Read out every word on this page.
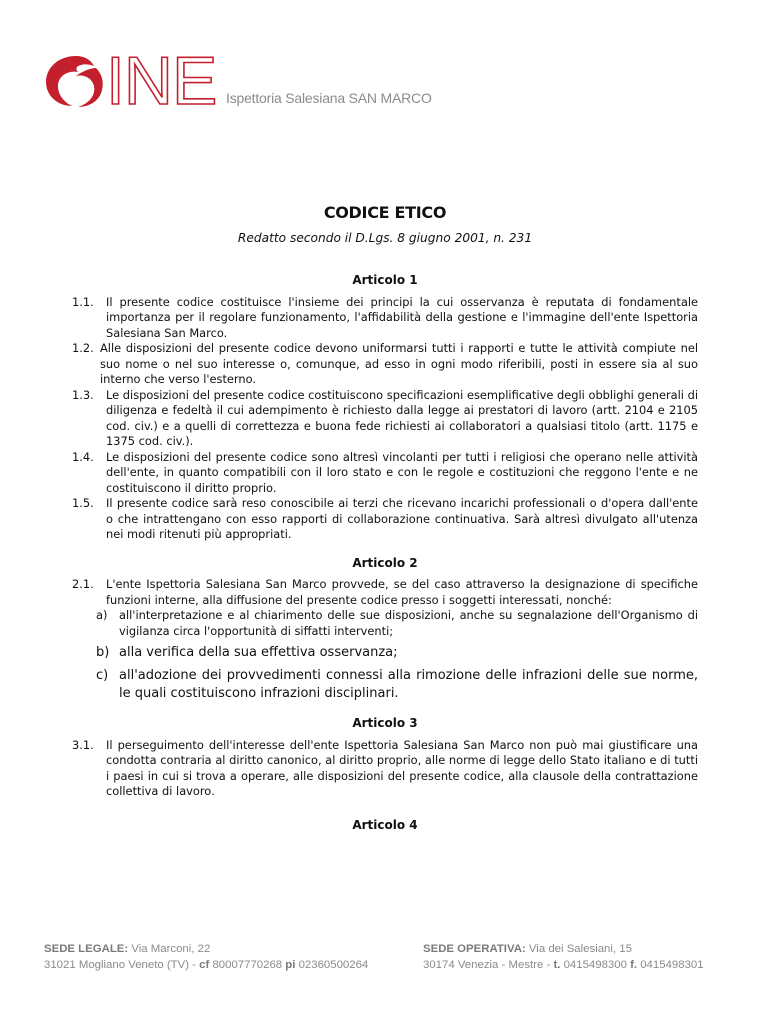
INE Ispettoria Salesiana SAN MARCO
CODICE ETICO
Redatto secondo il D.Lgs. 8 giugno 2001, n. 231
Articolo 1
1.1.	Il presente codice costituisce l'insieme dei principi la cui osservanza è reputata di fondamentale importanza per il regolare funzionamento, l'affidabilità della gestione e l'immagine dell'ente Ispettoria Salesiana San Marco.
1.2. Alle disposizioni del presente codice devono uniformarsi tutti i rapporti e tutte le attività compiute nel suo nome o nel suo interesse o, comunque, ad esso in ogni modo riferibili, posti in essere sia al suo interno che verso l'esterno.
1.3.	Le disposizioni del presente codice costituiscono specificazioni esemplificative degli obblighi generali di diligenza e fedeltà il cui adempimento è richiesto dalla legge ai prestatori di lavoro (artt. 2104 e 2105 cod. civ.) e a quelli di correttezza e buona fede richiesti ai collaboratori a qualsiasi titolo (artt. 1175 e 1375 cod. civ.).
1.4.	Le disposizioni del presente codice sono altresì vincolanti per tutti i religiosi che operano nelle attività dell'ente, in quanto compatibili con il loro stato e con le regole e costituzioni che reggono l'ente e ne costituiscono il diritto proprio.
1.5.	Il presente codice sarà reso conoscibile ai terzi che ricevano incarichi professionali o d'opera dall'ente o che intrattengano con esso rapporti di collaborazione continuativa. Sarà altresì divulgato all'utenza nei modi ritenuti più appropriati.
Articolo 2
2.1.	L'ente Ispettoria Salesiana San Marco provvede, se del caso attraverso la designazione di specifiche funzioni interne, alla diffusione del presente codice presso i soggetti interessati, nonché:
a)	all'interpretazione e al chiarimento delle sue disposizioni, anche su segnalazione dell'Organismo di vigilanza circa l'opportunità di siffatti interventi;
b) alla verifica della sua effettiva osservanza;
c) all'adozione dei provvedimenti connessi alla rimozione delle infrazioni delle sue norme, le quali costituiscono infrazioni disciplinari.
Articolo 3
3.1.	Il perseguimento dell'interesse dell'ente Ispettoria Salesiana San Marco non può mai giustificare una condotta contraria al diritto canonico, al diritto proprio, alle norme di legge dello Stato italiano e di tutti i paesi in cui si trova a operare, alle disposizioni del presente codice, alla clausole della contrattazione collettiva di lavoro.
Articolo 4
SEDE LEGALE: Via Marconi, 22
31021 Mogliano Veneto (TV) - cf 80007770268 pi 02360500264
SEDE OPERATIVA: Via dei Salesiani, 15
30174 Venezia - Mestre - t. 0415498300 f. 0415498301
